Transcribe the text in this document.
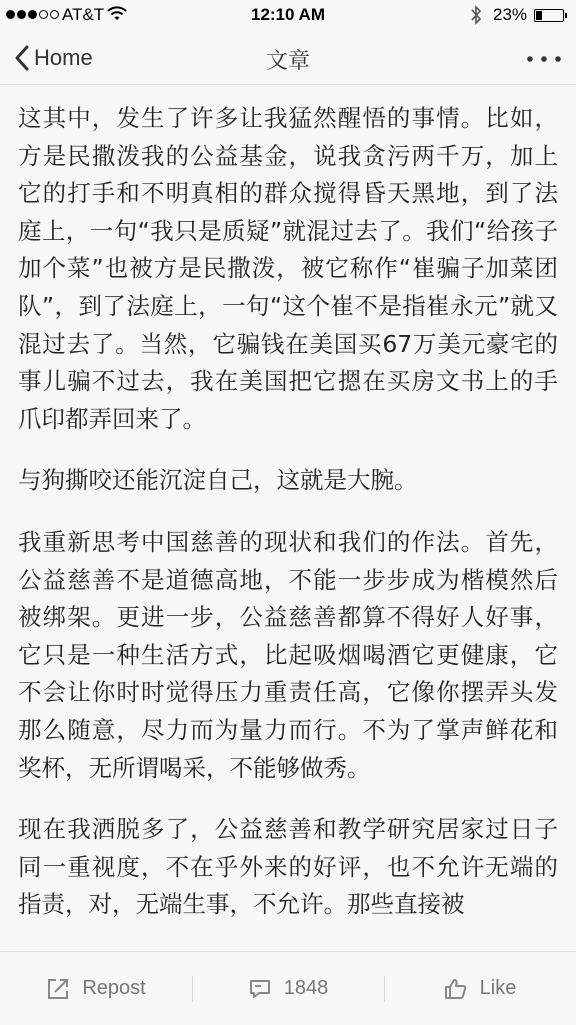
AT&T	12:10 AM	23%
Home	文章

这其中，发生了许多让我猛然醒悟的事情。比如，方是民撒泼我的公益基金，说我贪污两千万，加上它的打手和不明真相的群众搅得昏天黑地，到了法庭上，一句“我只是质疑”就混过去了。我们“给孩子加个菜”也被方是民撒泼，被它称作“崔骗子加菜团队”，到了法庭上，一句“这个崔不是指崔永元”就又混过去了。当然，它骗钱在美国买67万美元豪宅的事儿骗不过去，我在美国把它摁在买房文书上的手爪印都弄回来了。

与狗撕咬还能沉淀自己，这就是大腕。

我重新思考中国慈善的现状和我们的作法。首先，公益慈善不是道德高地，不能一步步成为楷模然后被绑架。更进一步，公益慈善都算不得好人好事，它只是一种生活方式，比起吸烟喝酒它更健康，它不会让你时时觉得压力重责任高，它像你摆弄头发那么随意，尽力而为量力而行。不为了掌声鲜花和奖杯，无所谓喝采，不能够做秀。

现在我洒脱多了，公益慈善和教学研究居家过日子同一重视度，不在乎外来的好评，也不允许无端的指责，对，无端生事，不允许。那些直接被

Repost	1848	Like
